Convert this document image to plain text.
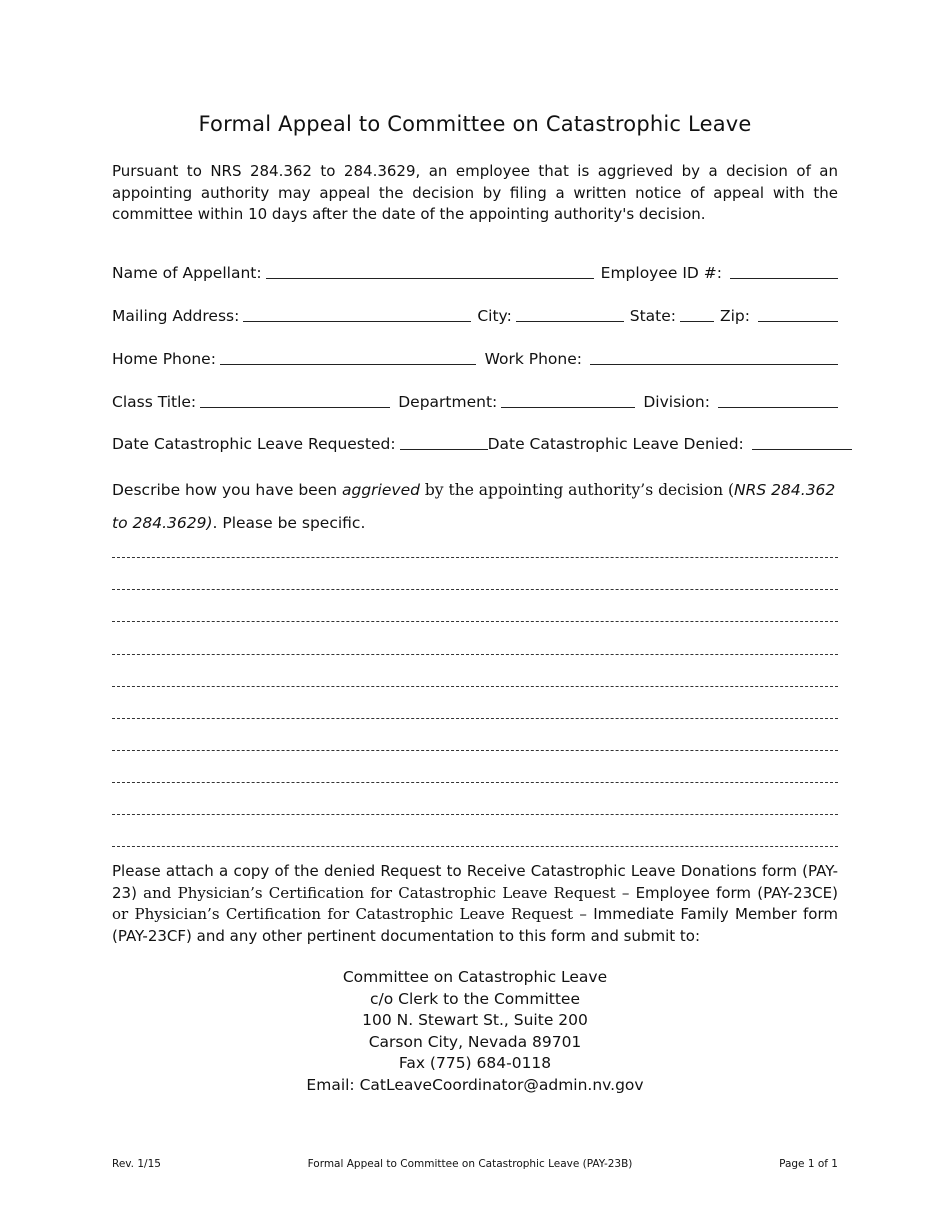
Formal Appeal to Committee on Catastrophic Leave
Pursuant to NRS 284.362 to 284.3629, an employee that is aggrieved by a decision of an appointing authority may appeal the decision by filing a written notice of appeal with the committee within 10 days after the date of the appointing authority's decision.
Name of Appellant:	Employee ID #:
Mailing Address:	City:	State:	Zip:
Home Phone:	Work Phone:
Class Title:	Department:	Division:
Date Catastrophic Leave Requested:	Date Catastrophic Leave Denied:
Describe how you have been aggrieved by the appointing authority’s decision (NRS 284.362 to 284.3629). Please be specific.
Please attach a copy of the denied Request to Receive Catastrophic Leave Donations form (PAY-23) and Physician’s Certification for Catastrophic Leave Request – Employee form (PAY-23CE) or Physician’s Certification for Catastrophic Leave Request – Immediate Family Member form (PAY-23CF) and any other pertinent documentation to this form and submit to:
Committee on Catastrophic Leave
c/o Clerk to the Committee
100 N. Stewart St., Suite 200
Carson City, Nevada 89701
Fax (775) 684-0118
Email: CatLeaveCoordinator@admin.nv.gov
Rev. 1/15	Formal Appeal to Committee on Catastrophic Leave (PAY-23B)	Page 1 of 1
